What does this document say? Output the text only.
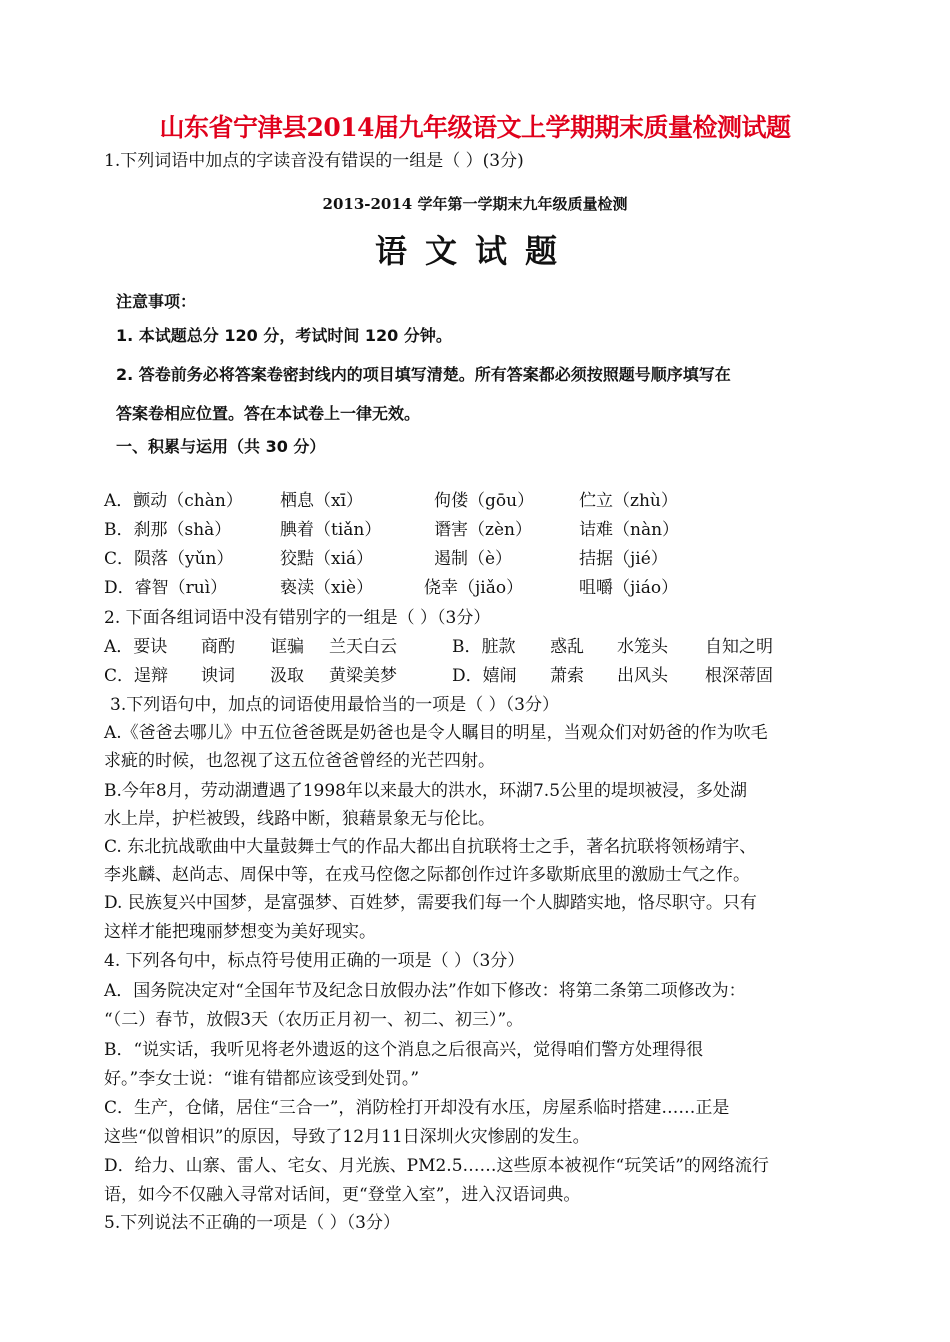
山东省宁津县2014届九年级语文上学期期末质量检测试题
1.下列词语中加点的字读音没有错误的一组是（ ）(3分)
2013-2014 学年第一学期末九年级质量检测
语文试题
注意事项：
1. 本试题总分 120 分，考试时间 120 分钟。
2. 答卷前务必将答案卷密封线内的项目填写清楚。所有答案都必须按照题号顺序填写在
答案卷相应位置。答在本试卷上一律无效。
一、积累与运用（共 30 分）
A．颤动（chàn） 栖息（xī）	佝偻（gōu）	伫立（zhù）
B．刹那（shà）	腆着（tiǎn）	谮害（zèn）	诘难（nàn）
C．陨落（yǔn）	狡黠（xiá）	遏制（è）	拮据（jié）
D．睿智（ruì）	亵渎（xiè）	侥幸（jiǎo）	咀嚼（jiáo）
2. 下面各组词语中没有错别字的一组是（ ）（3分）
A．要诀 商酌 诓骗 兰天白云	B．脏款 惑乱 水笼头 自知之明
C．逞辩 谀词 汲取 黄梁美梦	D．嬉闹 萧索 出风头 根深蒂固
3.下列语句中，加点的词语使用最恰当的一项是（ ）（3分）
A.《爸爸去哪儿》中五位爸爸既是奶爸也是令人瞩目的明星，当观众们对奶爸的作为吹毛
求疵的时候，也忽视了这五位爸爸曾经的光芒四射。
B.今年8月，劳动湖遭遇了1998年以来最大的洪水，环湖7.5公里的堤坝被浸，多处湖
水上岸，护栏被毁，线路中断，狼藉景象无与伦比。
C. 东北抗战歌曲中大量鼓舞士气的作品大都出自抗联将士之手，著名抗联将领杨靖宇、
李兆麟、赵尚志、周保中等，在戎马倥偬之际都创作过许多歇斯底里的激励士气之作。
D. 民族复兴中国梦，是富强梦、百姓梦，需要我们每一个人脚踏实地，恪尽职守。只有
这样才能把瑰丽梦想变为美好现实。
4. 下列各句中，标点符号使用正确的一项是（ ）（3分）
A．国务院决定对“全国年节及纪念日放假办法”作如下修改：将第二条第二项修改为：
“（二）春节，放假3天（农历正月初一、初二、初三）”。
B．“说实话，我听见将老外遗返的这个消息之后很高兴，觉得咱们警方处理得很
好。”李女士说：“谁有错都应该受到处罚。”
C．生产，仓储，居住“三合一”，消防栓打开却没有水压，房屋系临时搭建……正是
这些“似曾相识”的原因，导致了12月11日深圳火灾惨剧的发生。
D．给力、山寨、雷人、宅女、月光族、PM2.5……这些原本被视作“玩笑话”的网络流行
语，如今不仅融入寻常对话间，更“登堂入室”，进入汉语词典。
5.下列说法不正确的一项是（ ）（3分）
